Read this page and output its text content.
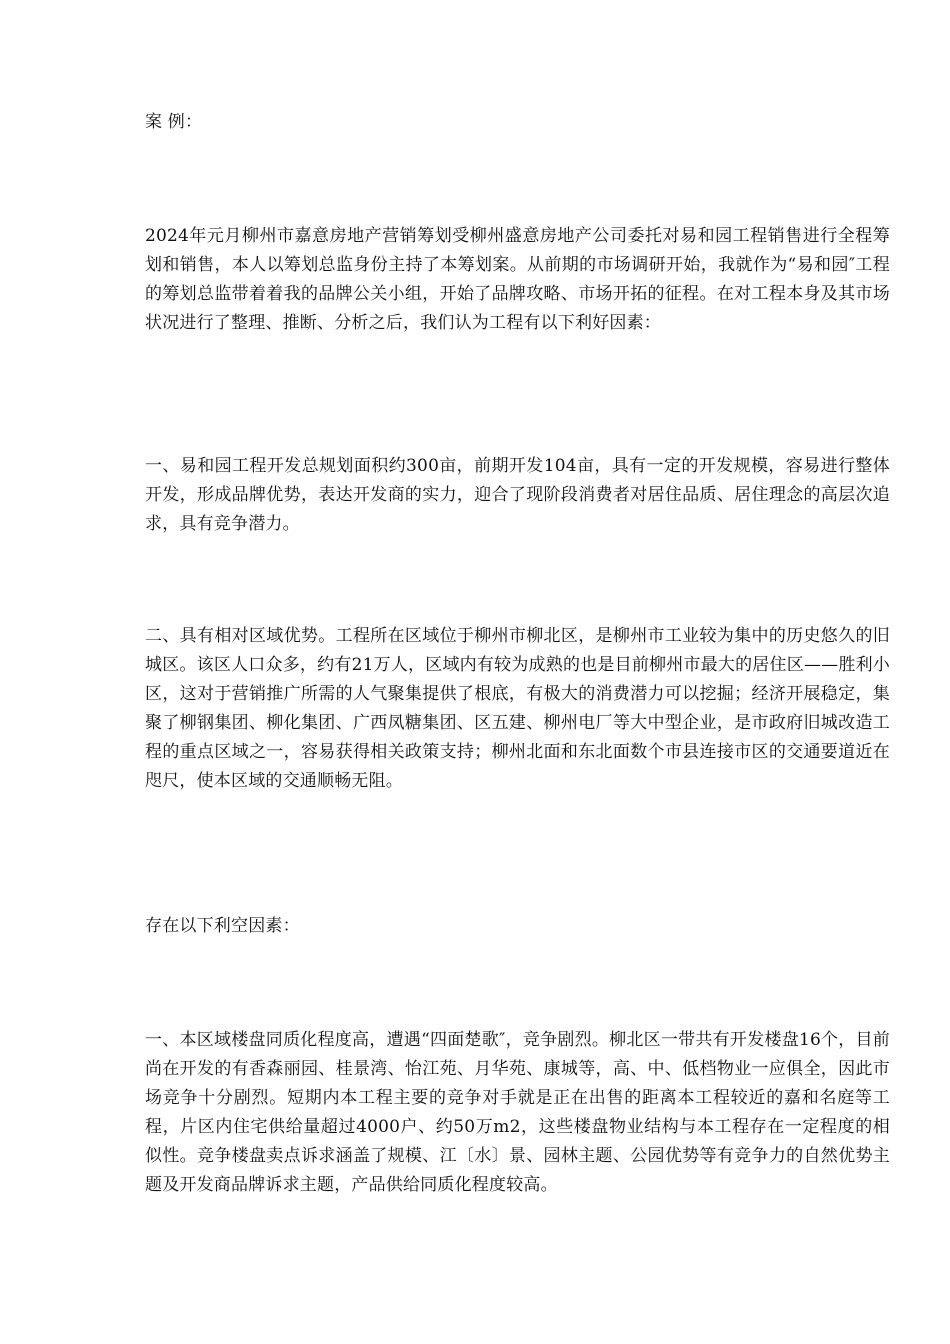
案 例：

2024年元月柳州市嘉意房地产营销筹划受柳州盛意房地产公司委托对易和园工程销售进行全程筹划和销售，本人以筹划总监身份主持了本筹划案。从前期的市场调研开始，我就作为“易和园″工程的筹划总监带着着我的品牌公关小组，开始了品牌攻略、市场开拓的征程。在对工程本身及其市场状况进行了整理、推断、分析之后，我们认为工程有以下利好因素：

一、易和园工程开发总规划面积约300亩，前期开发104亩，具有一定的开发规模，容易进行整体开发，形成品牌优势，表达开发商的实力，迎合了现阶段消费者对居住品质、居住理念的高层次追求，具有竞争潜力。

二、具有相对区域优势。工程所在区域位于柳州市柳北区，是柳州市工业较为集中的历史悠久的旧城区。该区人口众多，约有21万人，区域内有较为成熟的也是目前柳州市最大的居住区——胜利小区，这对于营销推广所需的人气聚集提供了根底，有极大的消费潜力可以挖掘；经济开展稳定，集聚了柳钢集团、柳化集团、广西凤糖集团、区五建、柳州电厂等大中型企业，是市政府旧城改造工程的重点区域之一，容易获得相关政策支持；柳州北面和东北面数个市县连接市区的交通要道近在咫尺，使本区域的交通顺畅无阻。

存在以下利空因素：

一、本区域楼盘同质化程度高，遭遇“四面楚歌″，竞争剧烈。柳北区一带共有开发楼盘16个，目前尚在开发的有香森丽园、桂景湾、怡江苑、月华苑、康城等，高、中、低档物业一应俱全，因此市场竞争十分剧烈。短期内本工程主要的竞争对手就是正在出售的距离本工程较近的嘉和名庭等工程，片区内住宅供给量超过4000户、约50万m2，这些楼盘物业结构与本工程存在一定程度的相似性。竞争楼盘卖点诉求涵盖了规模、江〔水〕景、园林主题、公园优势等有竞争力的自然优势主题及开发商品牌诉求主题，产品供给同质化程度较高。
